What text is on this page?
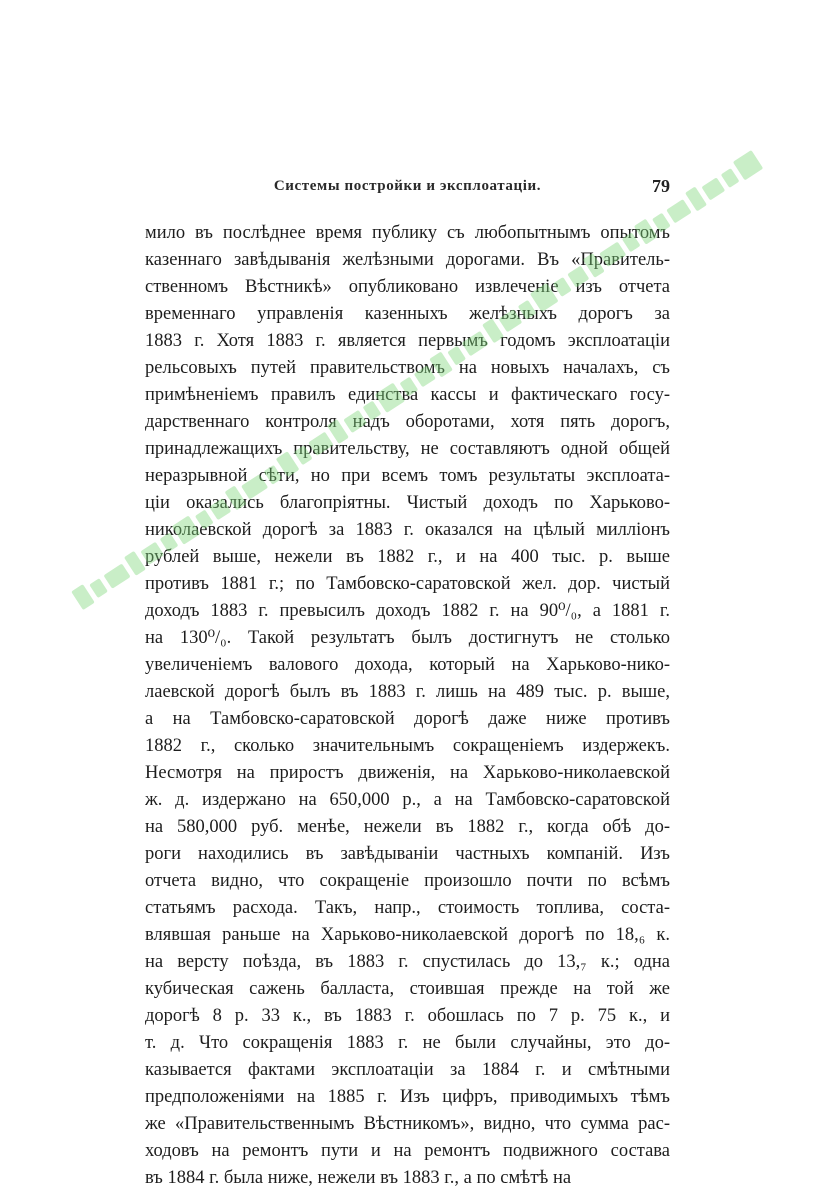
Системы постройки и эксплоатаціи.	79
мило въ послѣднее время публику съ любопытнымъ опытомъ
казеннаго завѣдыванія желѣзными дорогами. Въ «Правитель-
ственномъ Вѣстникѣ» опубликовано извлеченіе изъ отчета
временнаго управленія казенныхъ желѣзныхъ дорогъ за
1883 г. Хотя 1883 г. является первымъ годомъ эксплоатаціи
рельсовыхъ путей правительствомъ на новыхъ началахъ, съ
примѣненіемъ правилъ единства кассы и фактическаго госу-
дарственнаго контроля надъ оборотами, хотя пять дорогъ,
принадлежащихъ правительству, не составляютъ одной общей
неразрывной сѣти, но при всемъ томъ результаты эксплоата-
ціи оказались благопріятны. Чистый доходъ по Харьково-
николаевской дорогѣ за 1883 г. оказался на цѣлый милліонъ
рублей выше, нежели въ 1882 г., и на 400 тыс. р. выше
противъ 1881 г.; по Тамбовско-саратовской жел. дор. чистый
доходъ 1883 г. превысилъ доходъ 1882 г. на 90⁰/₀, а 1881 г.
на 130⁰/₀. Такой результатъ былъ достигнутъ не столько
увеличеніемъ валового дохода, который на Харьково-нико-
лаевской дорогѣ былъ въ 1883 г. лишь на 489 тыс. р. выше,
а на Тамбовско-саратовской дорогѣ даже ниже противъ
1882 г., сколько значительнымъ сокращеніемъ издержекъ.
Несмотря на приростъ движенія, на Харьково-николаевской
ж. д. издержано на 650,000 р., а на Тамбовско-саратовской
на 580,000 руб. менѣе, нежели въ 1882 г., когда обѣ до-
роги находились въ завѣдываніи частныхъ компаній. Изъ
отчета видно, что сокращеніе произошло почти по всѣмъ
статьямъ расхода. Такъ, напр., стоимость топлива, соста-
влявшая раньше на Харьково-николаевской дорогѣ по 18,₆ к.
на версту поѣзда, въ 1883 г. спустилась до 13,₇ к.; одна
кубическая сажень балласта, стоившая прежде на той же
дорогѣ 8 р. 33 к., въ 1883 г. обошлась по 7 р. 75 к., и
т. д. Что сокращенія 1883 г. не были случайны, это до-
казывается фактами эксплоатаціи за 1884 г. и смѣтными
предположеніями на 1885 г. Изъ цифръ, приводимыхъ тѣмъ
же «Правительственнымъ Вѣстникомъ», видно, что сумма рас-
ходовъ на ремонтъ пути и на ремонтъ подвижного состава
въ 1884 г. была ниже, нежели въ 1883 г., а по смѣтѣ на
